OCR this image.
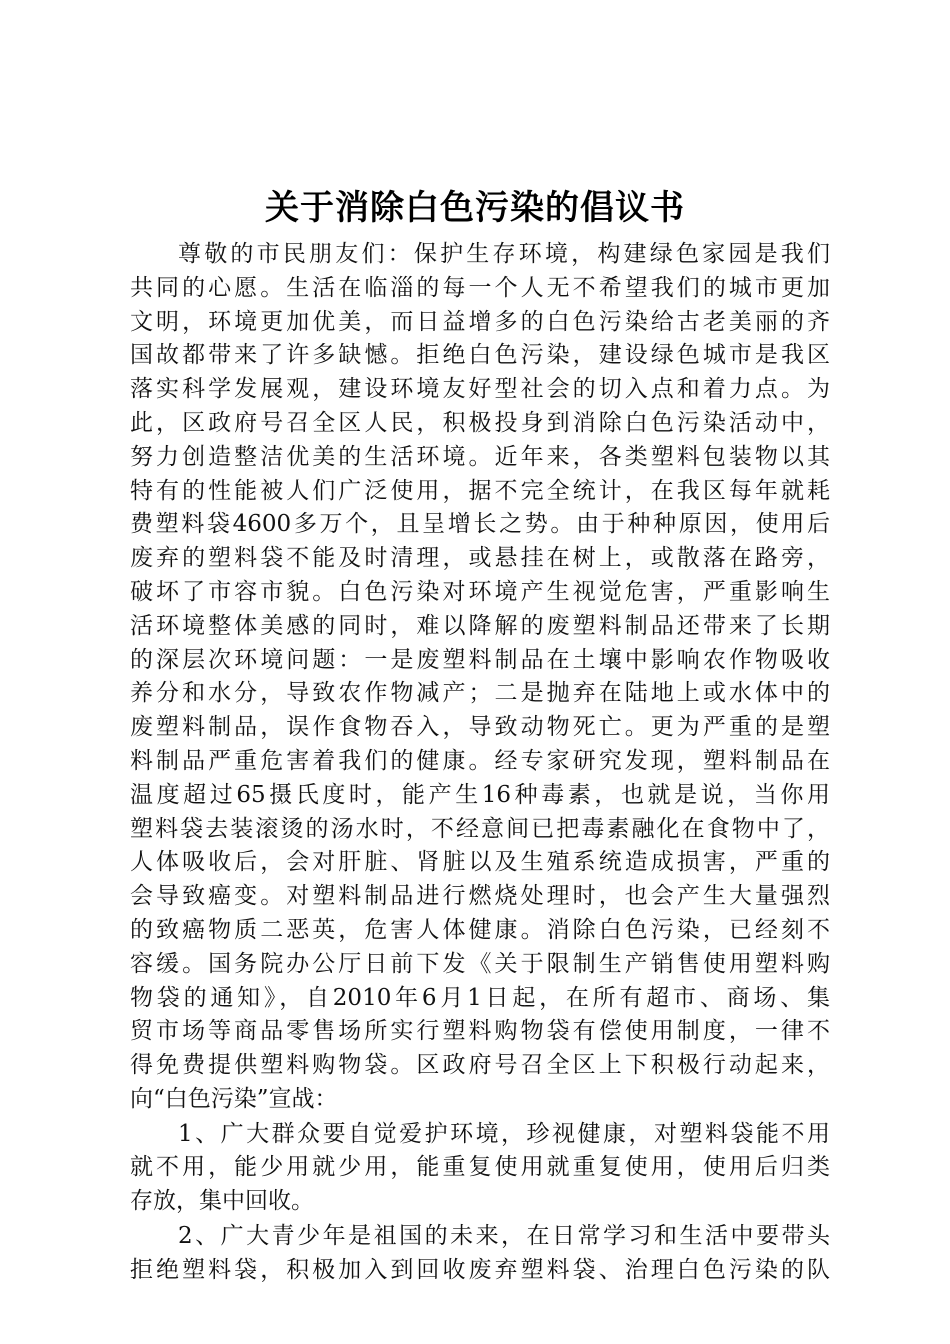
关于消除白色污染的倡议书
尊敬的市民朋友们：保护生存环境，构建绿色家园是我们
共同的心愿。生活在临淄的每一个人无不希望我们的城市更加
文明，环境更加优美，而日益增多的白色污染给古老美丽的齐
国故都带来了许多缺憾。拒绝白色污染，建设绿色城市是我区
落实科学发展观，建设环境友好型社会的切入点和着力点。为
此，区政府号召全区人民，积极投身到消除白色污染活动中，
努力创造整洁优美的生活环境。近年来，各类塑料包装物以其
特有的性能被人们广泛使用，据不完全统计，在我区每年就耗
费塑料袋4600多万个，且呈增长之势。由于种种原因，使用后
废弃的塑料袋不能及时清理，或悬挂在树上，或散落在路旁，
破坏了市容市貌。白色污染对环境产生视觉危害，严重影响生
活环境整体美感的同时，难以降解的废塑料制品还带来了长期
的深层次环境问题：一是废塑料制品在土壤中影响农作物吸收
养分和水分，导致农作物减产；二是抛弃在陆地上或水体中的
废塑料制品，误作食物吞入，导致动物死亡。更为严重的是塑
料制品严重危害着我们的健康。经专家研究发现，塑料制品在
温度超过65摄氏度时，能产生16种毒素，也就是说，当你用
塑料袋去装滚烫的汤水时，不经意间已把毒素融化在食物中了，
人体吸收后，会对肝脏、肾脏以及生殖系统造成损害，严重的
会导致癌变。对塑料制品进行燃烧处理时，也会产生大量强烈
的致癌物质二恶英，危害人体健康。消除白色污染，已经刻不
容缓。国务院办公厅日前下发《关于限制生产销售使用塑料购
物袋的通知》，自2010年6月1日起，在所有超市、商场、集
贸市场等商品零售场所实行塑料购物袋有偿使用制度，一律不
得免费提供塑料购物袋。区政府号召全区上下积极行动起来，
向“白色污染”宣战：
1、广大群众要自觉爱护环境，珍视健康，对塑料袋能不用
就不用，能少用就少用，能重复使用就重复使用，使用后归类
存放，集中回收。
2、广大青少年是祖国的未来，在日常学习和生活中要带头
拒绝塑料袋，积极加入到回收废弃塑料袋、治理白色污染的队
